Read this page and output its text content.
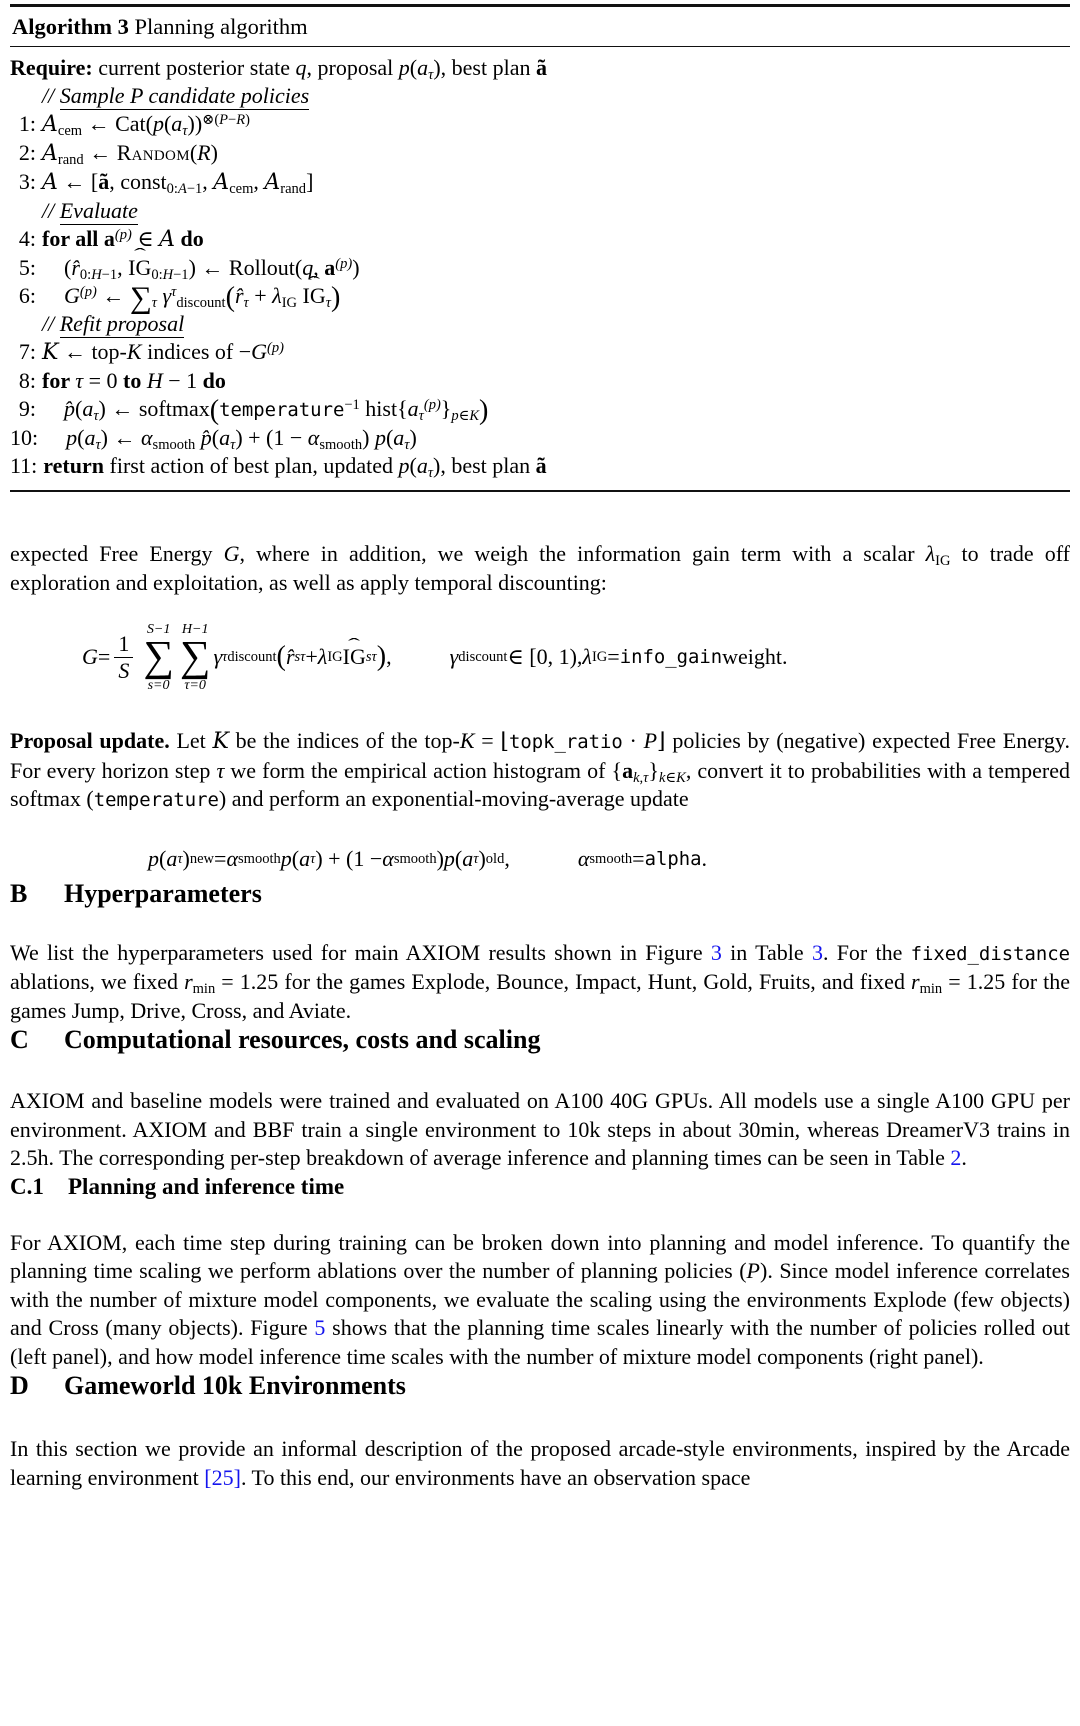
Algorithm 3 Planning algorithm
Require: current posterior state q, proposal $p(a_\tau)$, best plan ã
// Sample P candidate policies
1: $A_{cem}$ ← $Cat(p(a_\tau))^{\otimes(P-R)}$
2: $A_{rand}$ ← Random(R)
3: A ← [ã, const$_{0:A-1}$, $A_{cem}$, $A_{rand}$]
// Evaluate
4: for all $a^{(p)}$ ∈ A do
5: ($r̂_{0:H-1}$, IG ˆ$_{0:H-1}$) ← Rollout(q, $a^{(p)}$)
6: $G^{(p)}$ ← $\sum_\tau$ $\gamma^\tau_{discount}(r̂_\tau + \lambda_{IG}$ IG ˆ$_\tau$)
// Refit proposal
7: K ← top-K indices of $-G^{(p)}$
8: for τ = 0 to H − 1 do
9: $p̂(a_\tau)$ ← softmax(temperature$^{-1}$ $hist\{a_\tau^{(p)}\}_{p\in K}$)
10: $p(a_\tau)$ ← $\alpha_{smooth}$ $p̂(a_\tau) + (1 - \alpha_{smooth})$ $p(a_\tau)$
11: return first action of best plan, updated $p(a_\tau)$, best plan ã

expected Free Energy G, where in addition, we weigh the information gain term with a scalar $\lambda_{IG}$ to trade off exploration and exploitation, as well as apply temporal discounting:

$G = \frac{1}{S}$
S−1
∑
s=0
H−1
∑
τ=0
γ τ discount ( r̂ s τ + λ IG IG ˆ s τ ) ,	γ discount ∈ [0, 1), λ IG = info_gain weight.

Proposal update. Let K be the indices of the top-K = ⌊topk_ratio · P⌋ policies by (negative) expected Free Energy. For every horizon step τ we form the empirical action histogram of $\{a_{k,\tau}\}_{k\in K}$, convert it to probabilities with a tempered softmax (temperature) and perform an exponential-moving-average update

p ( a τ ) new = α smooth p ( a τ ) + (1 − α smooth ) p ( a τ ) old ,	α smooth = alpha .
B Hyperparameters

We list the hyperparameters used for main AXIOM results shown in Figure 3 in Table 3. For the fixed_distance ablations, we fixed $r_{min} = 1.25$ for the games Explode, Bounce, Impact, Hunt, Gold, Fruits, and fixed $r_{min} = 1.25$ for the games Jump, Drive, Cross, and Aviate.

C Computational resources, costs and scaling

AXIOM and baseline models were trained and evaluated on A100 40G GPUs. All models use a single A100 GPU per environment. AXIOM and BBF train a single environment to 10k steps in about 30min, whereas DreamerV3 trains in 2.5h. The corresponding per-step breakdown of average inference and planning times can be seen in Table 2.

C.1 Planning and inference time

For AXIOM, each time step during training can be broken down into planning and model inference. To quantify the planning time scaling we perform ablations over the number of planning policies (P). Since model inference correlates with the number of mixture model components, we evaluate the scaling using the environments Explode (few objects) and Cross (many objects). Figure 5 shows that the planning time scales linearly with the number of policies rolled out (left panel), and how model inference time scales with the number of mixture model components (right panel).

D Gameworld 10k Environments

In this section we provide an informal description of the proposed arcade-style environments, inspired by the Arcade learning environment [25]. To this end, our environments have an observation space
